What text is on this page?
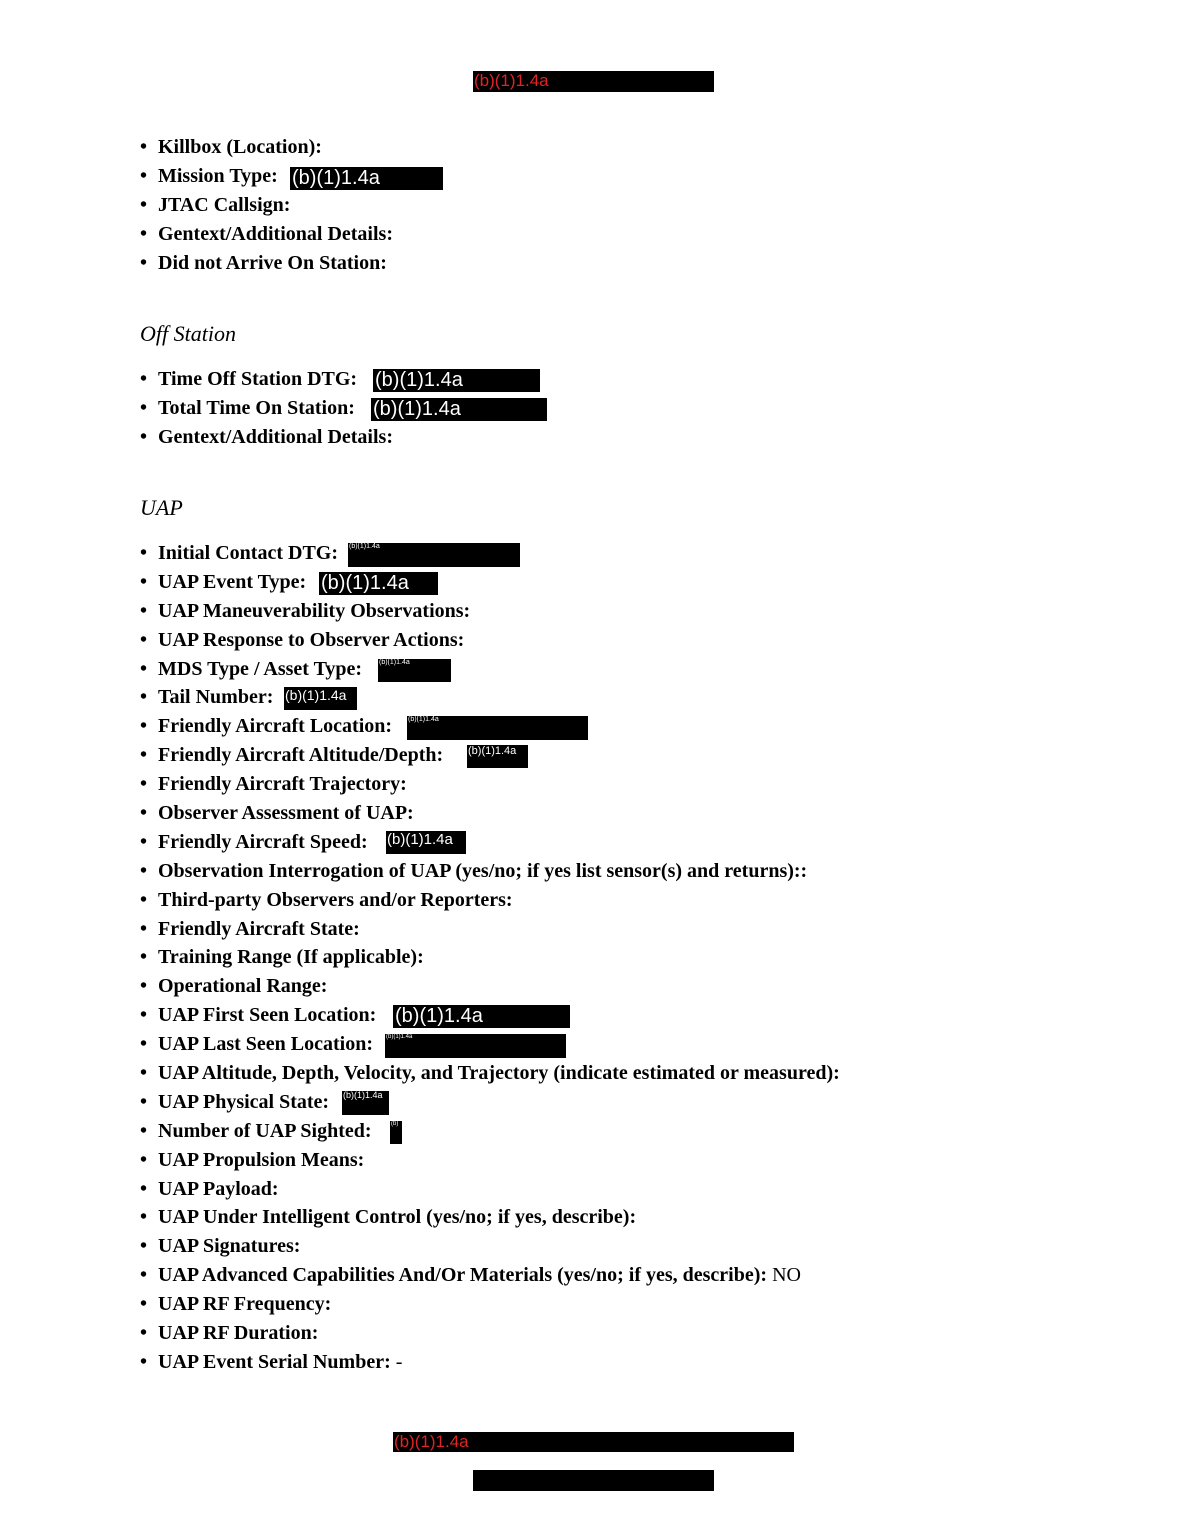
(b)(1)1.4a
• Killbox (Location):
• Mission Type:
• JTAC Callsign:
• Gentext/Additional Details:
• Did not Arrive On Station:
Off Station
• Time Off Station DTG:
• Total Time On Station:
• Gentext/Additional Details:
UAP
• Initial Contact DTG:
• UAP Event Type:
• UAP Maneuverability Observations:
• UAP Response to Observer Actions:
• MDS Type / Asset Type:
• Tail Number:
• Friendly Aircraft Location:
• Friendly Aircraft Altitude/Depth:
• Friendly Aircraft Trajectory:
• Observer Assessment of UAP:
• Friendly Aircraft Speed:
• Observation Interrogation of UAP (yes/no; if yes list sensor(s) and returns)::
• Third-party Observers and/or Reporters:
• Friendly Aircraft State:
• Training Range (If applicable):
• Operational Range:
• UAP First Seen Location:
• UAP Last Seen Location:
• UAP Altitude, Depth, Velocity, and Trajectory (indicate estimated or measured):
• UAP Physical State:
• Number of UAP Sighted:
• UAP Propulsion Means:
• UAP Payload:
• UAP Under Intelligent Control (yes/no; if yes, describe):
• UAP Signatures:
• UAP Advanced Capabilities And/Or Materials (yes/no; if yes, describe): NO
• UAP RF Frequency:
• UAP RF Duration:
• UAP Event Serial Number: -
(b)(1)1.4a
(b)(1)1.4a
(b)(1)1.4a
(b)(1)1.4a
(b)(1)1.4a
(b)(1)1.4a
(b)(1)1.4a
(b)(1)1.4a
(b)(1)1.4a
(b)(1)1.4a
(b)(1)1.4a
(b)(1)1.4a
(b)(1)1.4a
(b)
(b)(1)1.4a
